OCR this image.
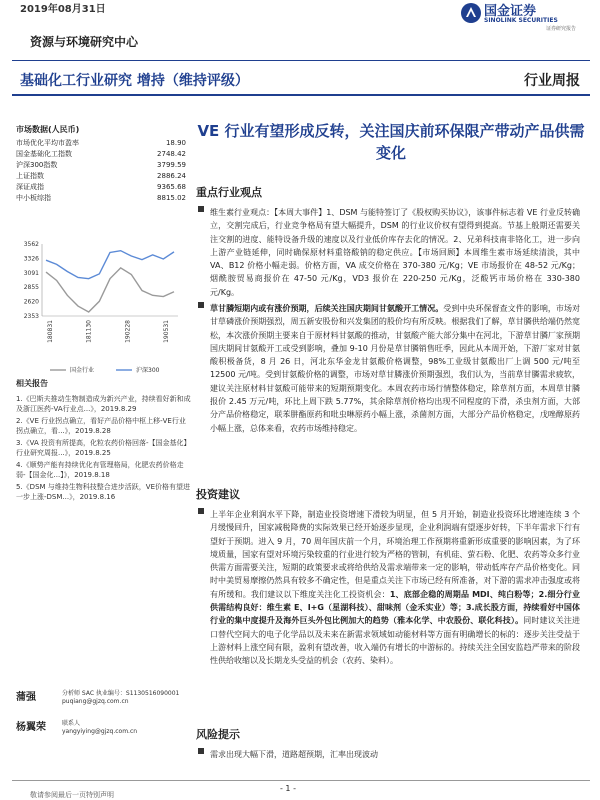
2019年08月31日	国金证券
SINOLINK SECURITIES
证券研究报告
资源与环境研究中心
基础化工行业研究 增持（维持评级）	行业周报
市场数据(人民币)
市场优化平均市盈率	18.90
国金基础化工指数	2748.42
沪深300指数	3799.59
上证指数	2886.24
深证成指	9365.68
中小板综指	8815.02
3562
3326
3091
2855
2620
2353
180831	181130	190228	190531
国金行业	沪深300
相关报告

1.《巴斯夫推动生物制造成为新兴产业，持续看好新和成及浙江医药-VA行业点...》，2019.8.29

2.《VE 行业拐点确立，看好产品价格中枢上移-VE行业拐点确立，看...》，2019.8.28

3.《VA 投资有所提高，化粒农药价格回落-【国金基化】行业研究周报...》，2019.8.25

4.《顺势产能有持续优化有管理格局，化肥农药价格走弱-【国金化...】》，2019.8.18

5.《DSM 与维持生物科技整合进步活跃，VE价格有望进一步上涨-DSM...》，2019.8.16

蒲强	分析师 SAC 执业编号：S1130516090001
puqiang@gjzq.com.cn
杨翼荣	联系人
yangyiying@gjzq.com.cn
VE 行业有望形成反转，关注国庆前环保限产带动产品供需变化
重点行业观点
维生素行业观点：【本周大事件】1、DSM 与能特签订了《股权购买协议》，该事件标志着 VE 行业反转确立，交割完成后，行业竞争格局有望大幅提升，DSM 的行业议价权有望得到提高。节基上般期还需要关注交割的进度、能特设备升级的速度以及行业低价库存去化的情况。2、兄弟科技南非铬化工，进一步向上游产业链延伸，同时确保原材料重铬酸钠的稳定供应。【市场回顾】本周维生素市场延续清淡，其中 VA、B12 价格小幅走弱。价格方面，VA 成交价格在 370-380 元/Kg；VE 市场报价在 48-52 元/Kg；烟酰胺贸易商报价在 47-50 元/Kg，VD3 报价在 220-250 元/Kg，泛酸钙市场价格在 330-380 元/Kg。
草甘膦短期内或有涨价预期，后续关注国庆期间甘氨酸开工情况。受到中央环保督查文件的影响，市场对甘草磷涨价预期强烈，周五新安股份和兴发集团的股价均有所反映。根据我们了解，草甘膦供给端仍然宽松，本次涨价预期主要来自于原材料甘氨酸的推动，甘氨酸产能大部分集中在河北，下游草甘膦厂家预期国庆期间甘氨酸开工或受到影响，叠加 9-10 月份是草甘膦销售旺季，因此从本周开始，下游厂家对甘氨酸积极备货，8 月 26 日，河北东华金龙甘氨酸价格调整，98%工业级甘氨酸出厂上调 500 元/吨至 12500 元/吨。受到甘氨酸价格的调整，市场对草甘膦涨价预期强烈，我们认为，当前草甘膦需求疲软，建议关注原材料甘氨酸可能带来的短期预期变化。本周农药市场行情整体稳定，除草剂方面，本周草甘膦报价 2.45 万元/吨，环比上周下跌 5.77%，其余除草剂价格均出现不同程度的下滑，杀虫剂方面，大部分产品价格稳定，联苯肼酯原药和吡虫啉原药小幅上涨，杀菌剂方面，大部分产品价格稳定，戊唑醇原药小幅上涨，总体来看，农药市场维持稳定。
投资建议
上半年企业利润水平下降，制造业投资增速下滑较为明显，但 5 月开始，制造业投资环比增速连续 3 个月缓慢回升，国家减税降费的实际效果已经开始逐步显现，企业利润端有望逐步好转，下半年需求下行有望好于预期。进入 9 月，70 周年国庆前一个月，环境治理工作预期将重新形成重要的影响因素，为了环境质量，国家有望对环境污染较重的行业进行较为严格的管制，有机硅、萤石粉、化肥、农药等众多行业供需方面需要关注，短期的政策要求或将给供给及需求端带来一定的影响，带动低库存产品价格变化。同时中美贸易摩擦仍然具有较多不确定性，但是重点关注下市场已经有所准备，对下游的需求冲击强度或将有所缓和。我们建议以下维度关注化工投资机会：1、底部企稳的周期品 MDI、纯白粉等；2.细分行业供需结构良好：维生素 E、I+G（星湖科技）、甜味剂（金禾实业）等；3.成长股方面，持续看好中国体行业的集中度提升及海外巨头外包比例加大的趋势（雅本化学、中农股份、联化科技）。同时建议关注进口替代空间大的电子化学品以及未来在新需求领域如动能材料等方面有明确增长的标的：逐步关注受益于上游材料上涨空间有限，盈利有望改善，收入端仍有增长的中游标的。持续关注全国安监趋严带来的阶段性供给收缩以及长期龙头受益的机会（农药、染料）。
风险提示
需求出现大幅下滑，道路超预期，汇率出现波动
- 1 -
敬请参阅最后一页特别声明
